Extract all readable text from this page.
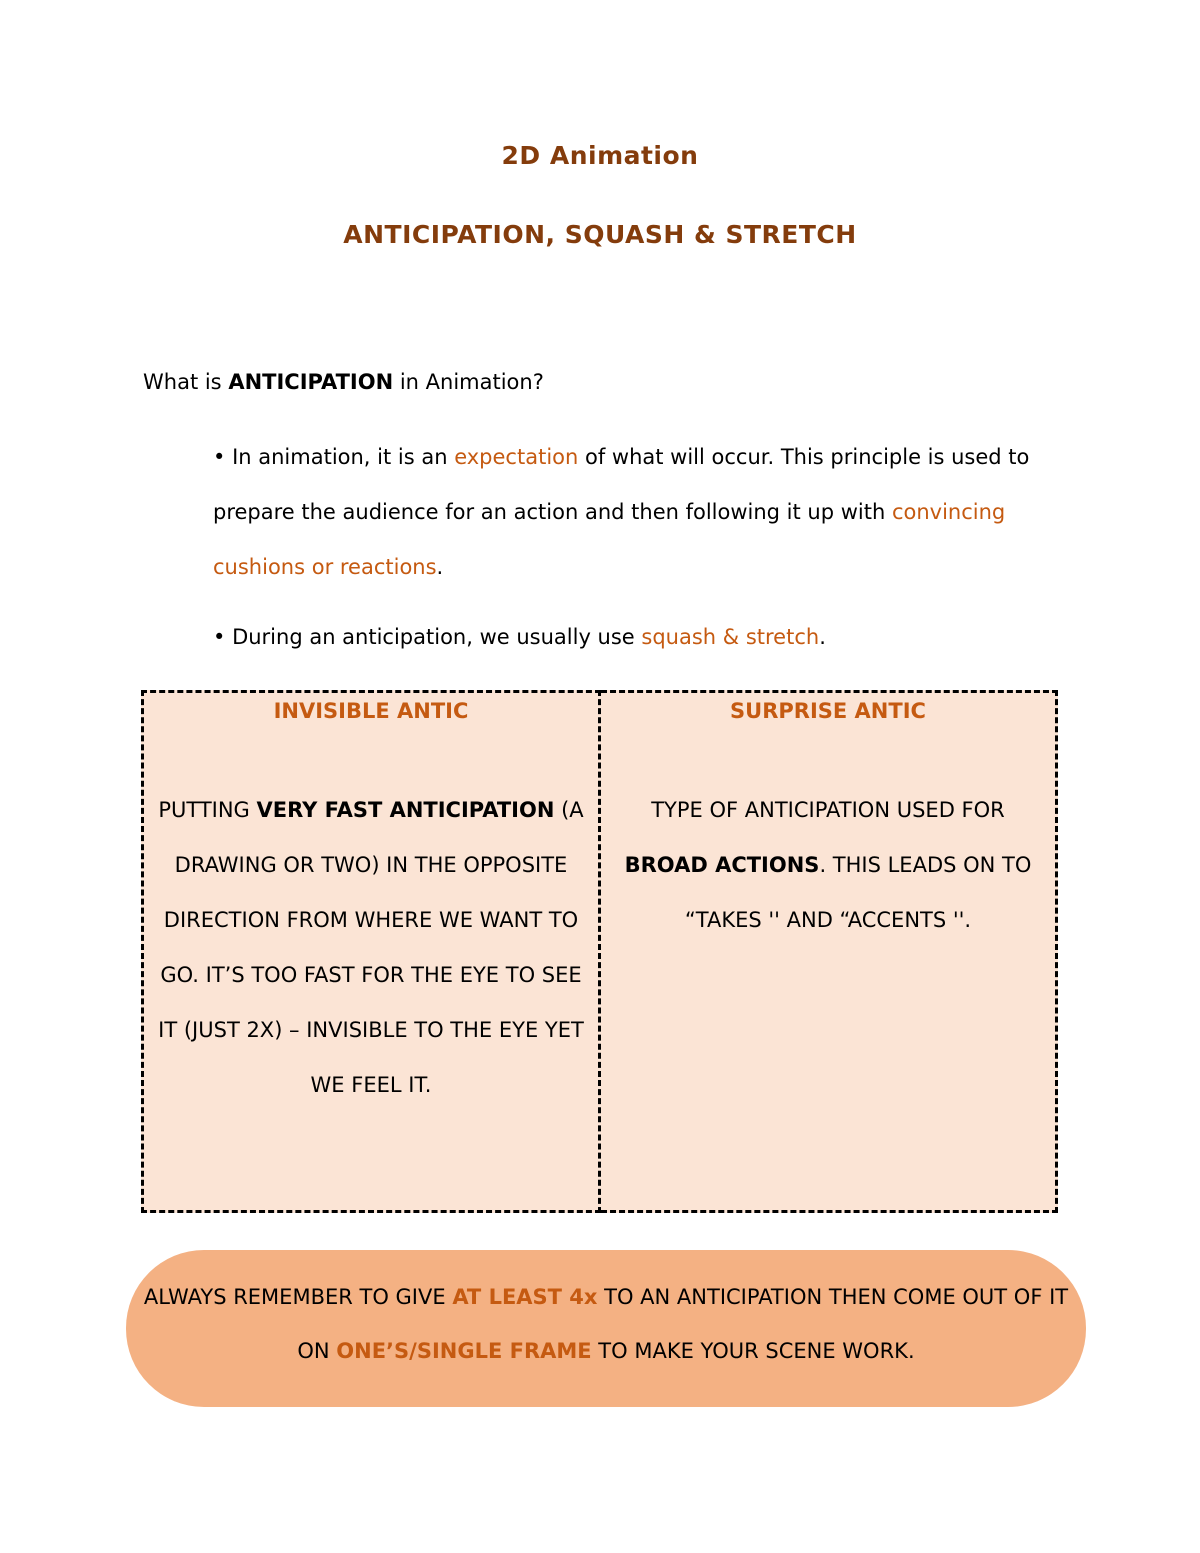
2D Animation
ANTICIPATION, SQUASH & STRETCH
What is ANTICIPATION in Animation?

• In animation, it is an expectation of what will occur. This principle is used to prepare the audience for an action and then following it up with convincing cushions or reactions.

• During an anticipation, we usually use squash & stretch.

INVISIBLE ANTIC
PUTTING VERY FAST ANTICIPATION (A DRAWING OR TWO) IN THE OPPOSITE DIRECTION FROM WHERE WE WANT TO GO. IT’S TOO FAST FOR THE EYE TO SEE IT (JUST 2X) – INVISIBLE TO THE EYE YET WE FEEL IT.	
SURPRISE ANTIC
TYPE OF ANTICIPATION USED FOR BROAD ACTIONS. THIS LEADS ON TO “TAKES '' AND “ACCENTS ''.
ALWAYS REMEMBER TO GIVE AT LEAST 4x TO AN ANTICIPATION THEN COME OUT OF IT ON ONE’S/SINGLE FRAME TO MAKE YOUR SCENE WORK.
